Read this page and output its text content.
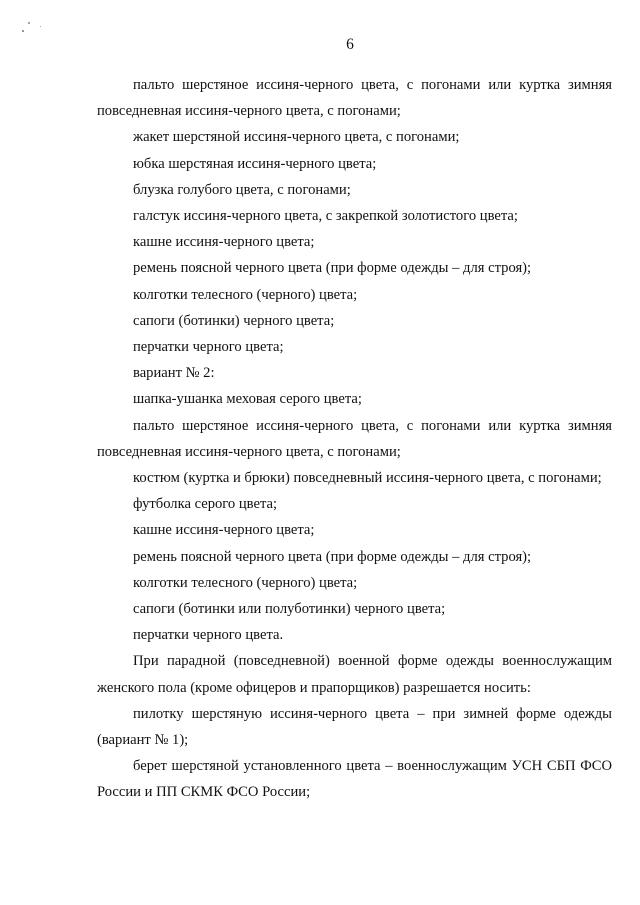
6

пальто шерстяное иссиня-черного цвета, с погонами или куртка зимняя повседневная иссиня-черного цвета, с погонами;

жакет шерстяной иссиня-черного цвета, с погонами;

юбка шерстяная иссиня-черного цвета;

блузка голубого цвета, с погонами;

галстук иссиня-черного цвета, с закрепкой золотистого цвета;

кашне иссиня-черного цвета;

ремень поясной черного цвета (при форме одежды – для строя);

колготки телесного (черного) цвета;

сапоги (ботинки) черного цвета;

перчатки черного цвета;

вариант № 2:

шапка-ушанка меховая серого цвета;

пальто шерстяное иссиня-черного цвета, с погонами или куртка зимняя повседневная иссиня-черного цвета, с погонами;

костюм (куртка и брюки) повседневный иссиня-черного цвета, с погонами;

футболка серого цвета;

кашне иссиня-черного цвета;

ремень поясной черного цвета (при форме одежды – для строя);

колготки телесного (черного) цвета;

сапоги (ботинки или полуботинки) черного цвета;

перчатки черного цвета.

При парадной (повседневной) военной форме одежды военнослужащим женского пола (кроме офицеров и прапорщиков) разрешается носить:

пилотку шерстяную иссиня-черного цвета – при зимней форме одежды (вариант № 1);

берет шерстяной установленного цвета – военнослужащим УСН СБП ФСО России и ПП СКМК ФСО России;
